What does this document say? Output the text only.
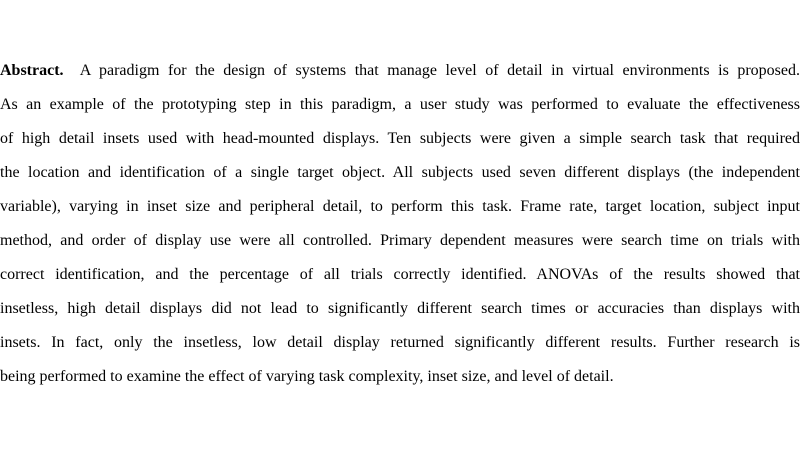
Abstract. A paradigm for the design of systems that manage level of detail in virtual environments is proposed.
As an example of the prototyping step in this paradigm, a user study was performed to evaluate the effectiveness
of high detail insets used with head-mounted displays. Ten subjects were given a simple search task that required
the location and identification of a single target object. All subjects used seven different displays (the independent
variable), varying in inset size and peripheral detail, to perform this task. Frame rate, target location, subject input
method, and order of display use were all controlled. Primary dependent measures were search time on trials with
correct identification, and the percentage of all trials correctly identified. ANOVAs of the results showed that
insetless, high detail displays did not lead to significantly different search times or accuracies than displays with
insets. In fact, only the insetless, low detail display returned significantly different results. Further research is
being performed to examine the effect of varying task complexity, inset size, and level of detail.
